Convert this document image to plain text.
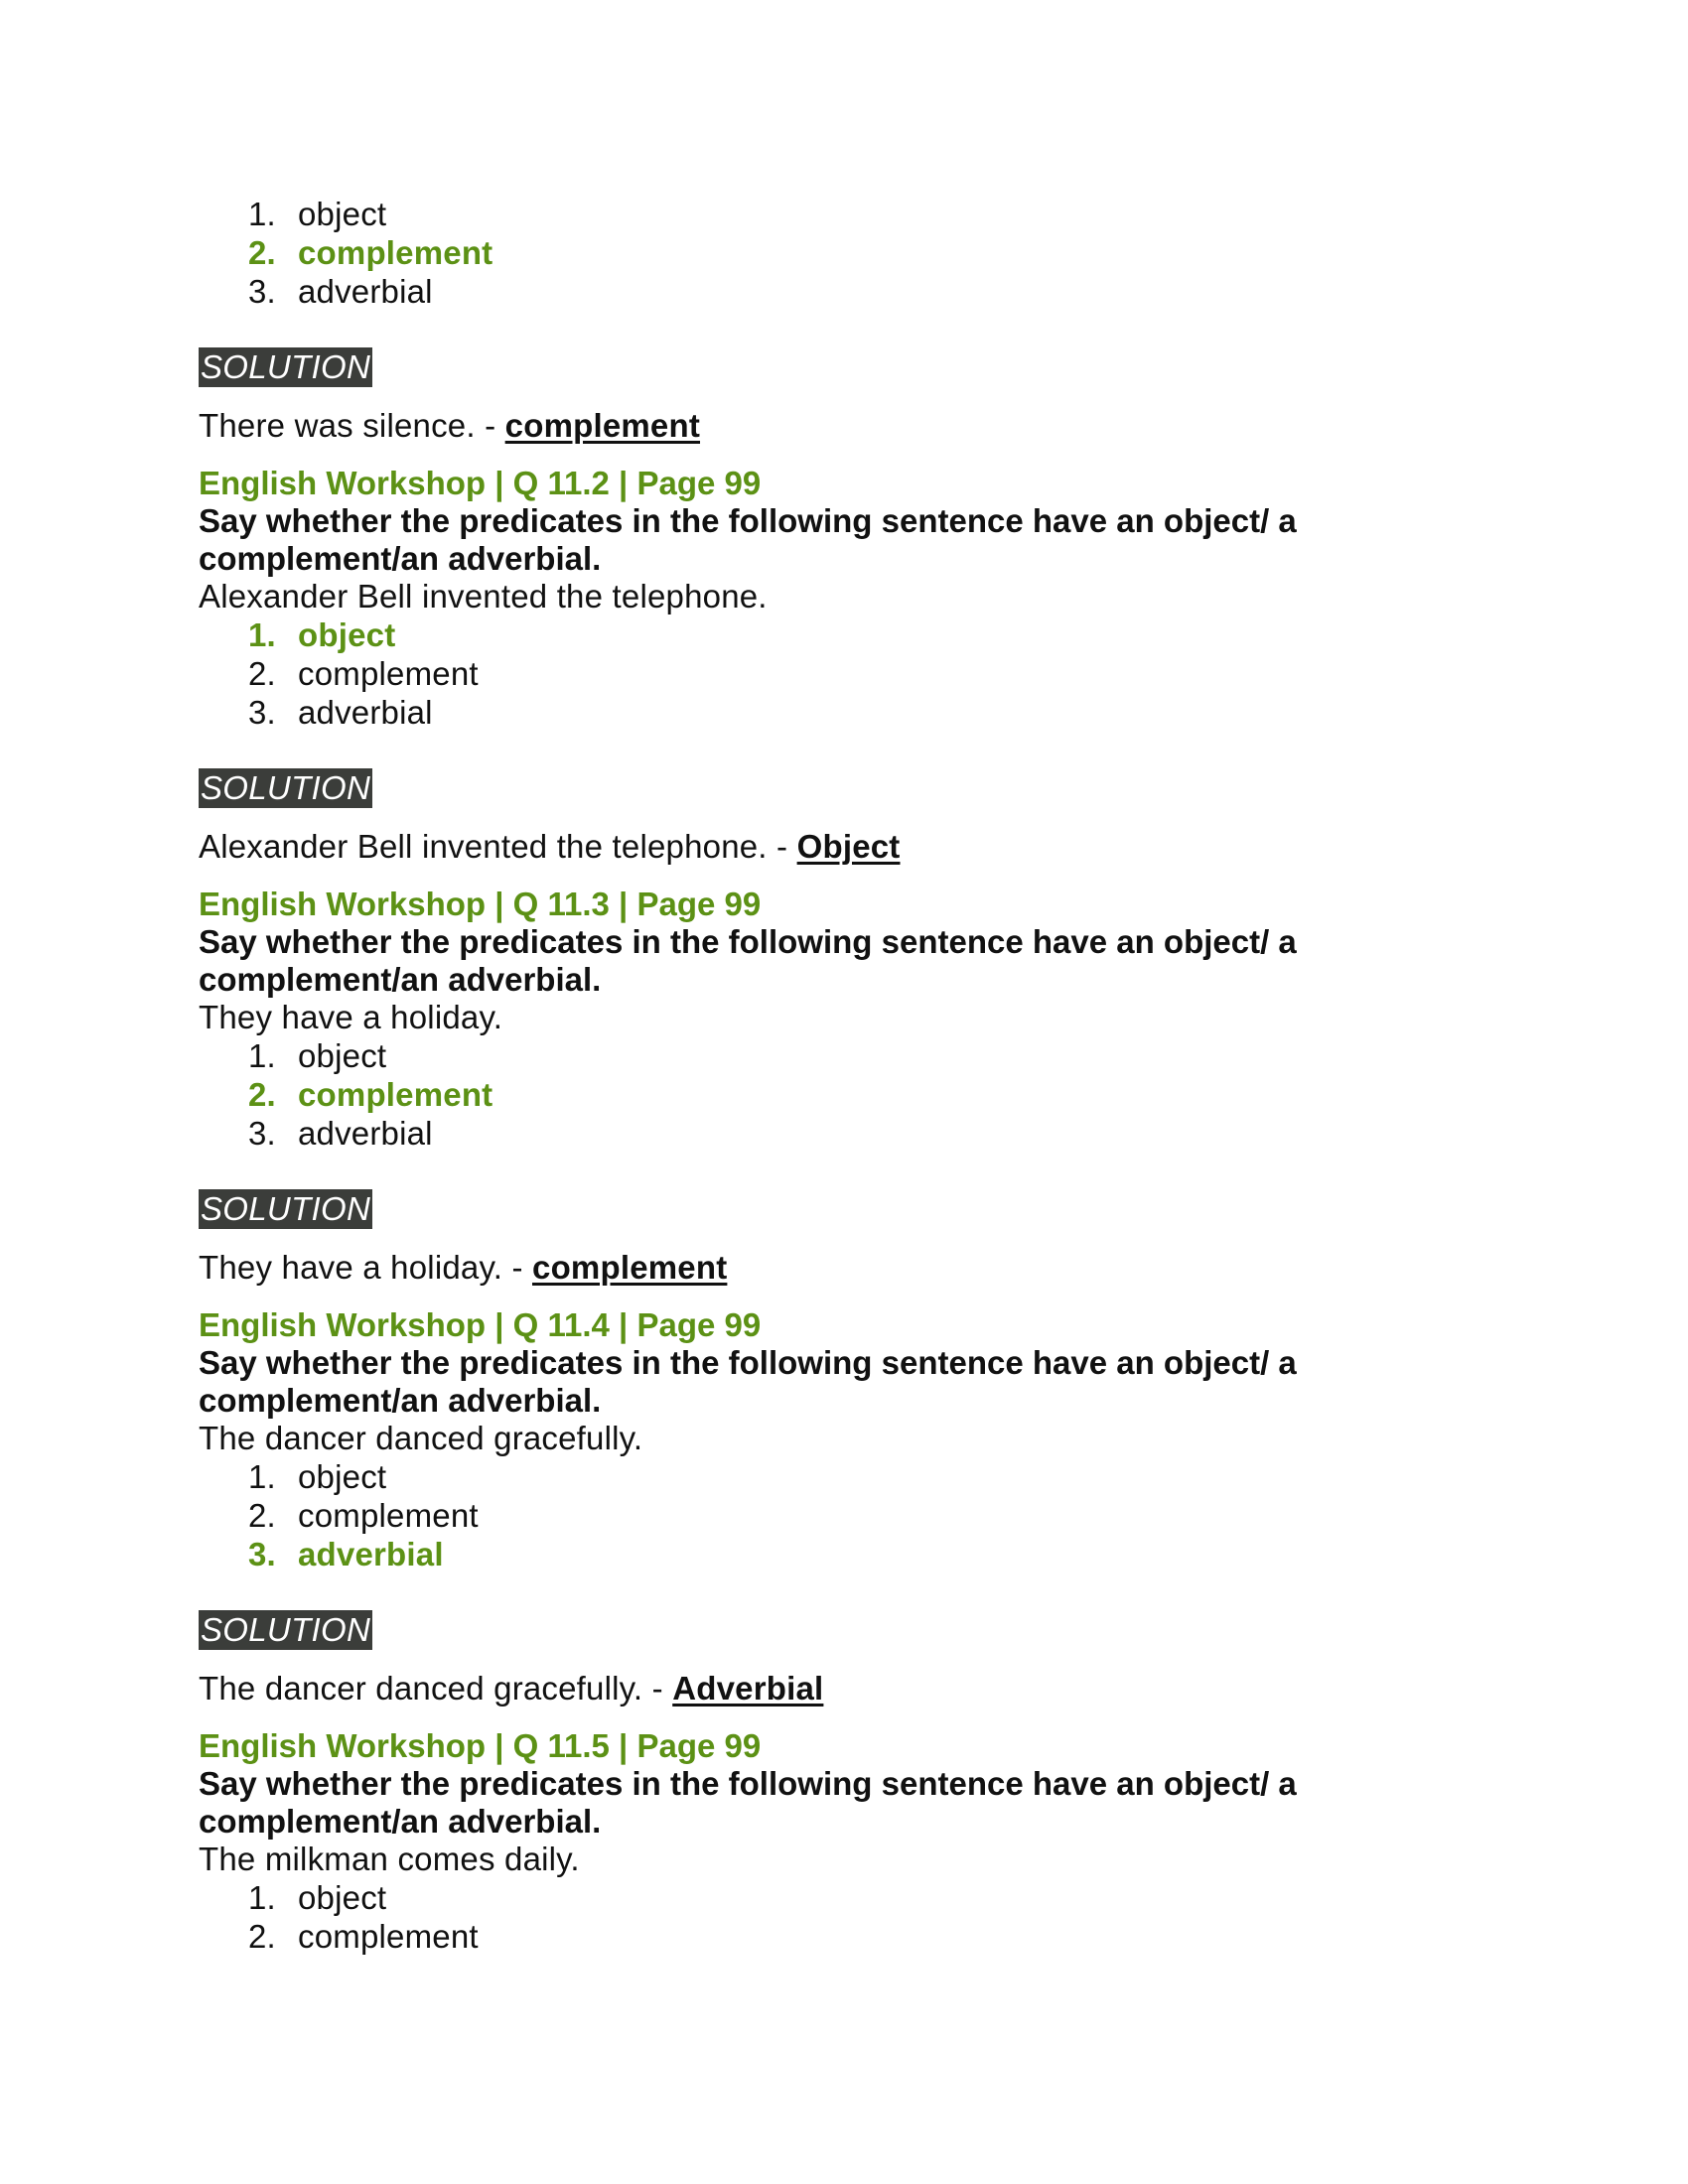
1. object
2. complement
3. adverbial
SOLUTION
There was silence. - complement
English Workshop | Q 11.2 | Page 99
Say whether the predicates in the following sentence have an object/ a complement/an adverbial.
Alexander Bell invented the telephone.
1. object
2. complement
3. adverbial
SOLUTION
Alexander Bell invented the telephone. - Object
English Workshop | Q 11.3 | Page 99
Say whether the predicates in the following sentence have an object/ a complement/an adverbial.
They have a holiday.
1. object
2. complement
3. adverbial
SOLUTION
They have a holiday. - complement
English Workshop | Q 11.4 | Page 99
Say whether the predicates in the following sentence have an object/ a complement/an adverbial.
The dancer danced gracefully.
1. object
2. complement
3. adverbial
SOLUTION
The dancer danced gracefully. - Adverbial
English Workshop | Q 11.5 | Page 99
Say whether the predicates in the following sentence have an object/ a complement/an adverbial.
The milkman comes daily.
1. object
2. complement
